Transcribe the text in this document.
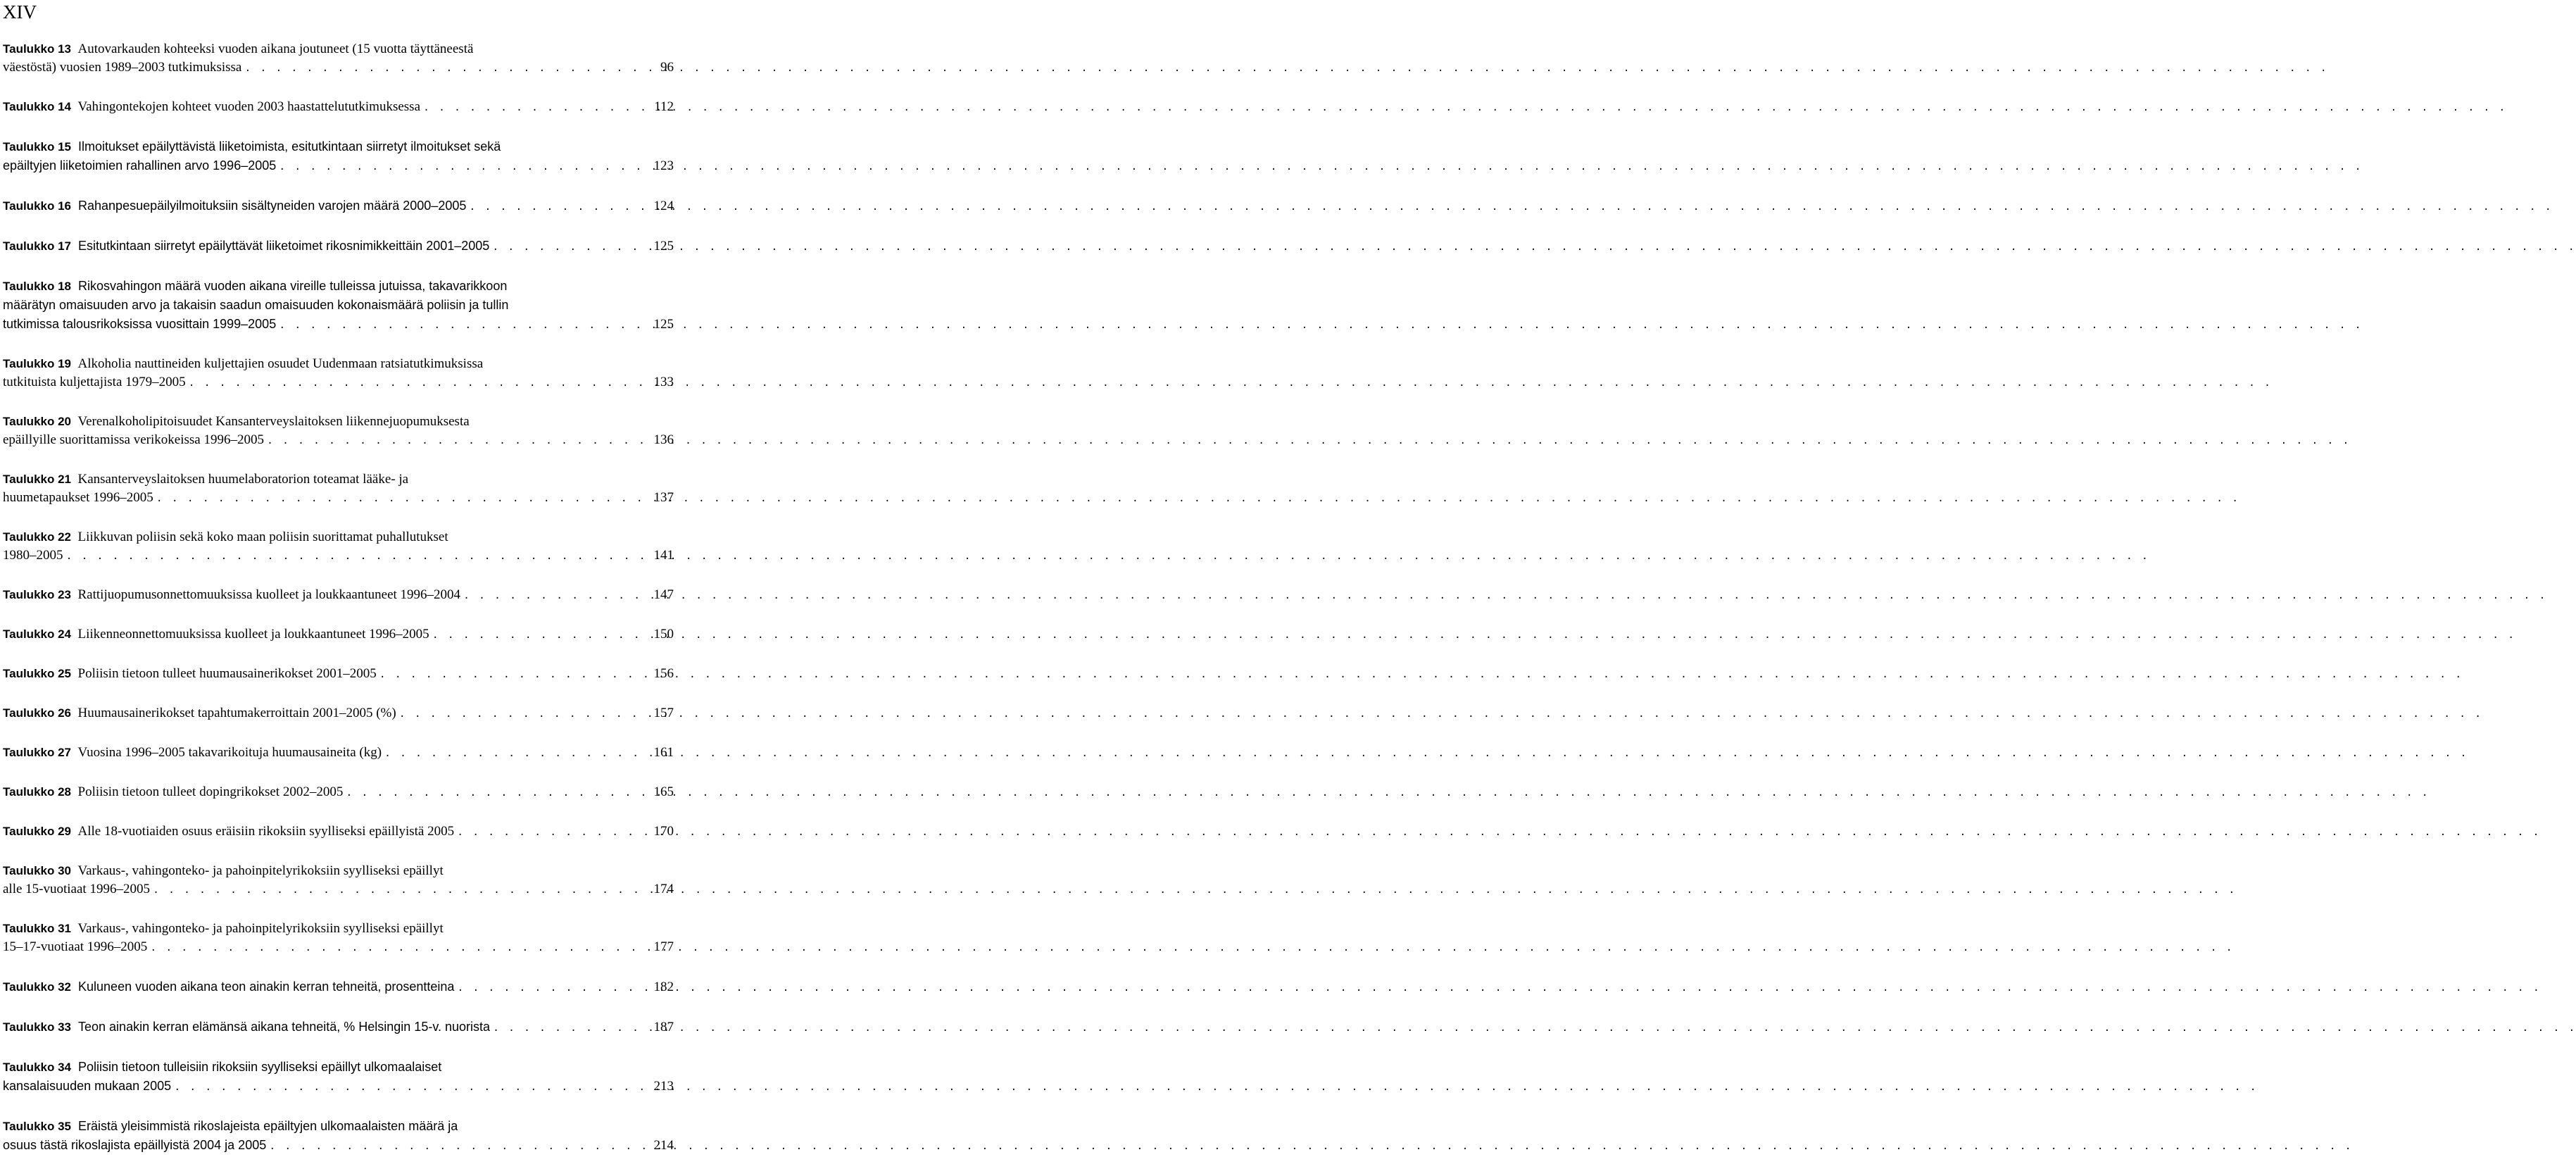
XIV
Taulukko 13 Autovarkauden kohteeksi vuoden aikana joutuneet (15 vuotta täyttäneestä
väestöstä) vuosien 1989–2003 tutkimuksissa . . .	96
Taulukko 14 Vahingontekojen kohteet vuoden 2003 haastattelututkimuksessa . . .	112
Taulukko 15 Ilmoitukset epäilyttävistä liiketoimista, esitutkintaan siirretyt ilmoitukset sekä
epäiltyjen liiketoimien rahallinen arvo 1996–2005 . . .	123
Taulukko 16 Rahanpesuepäilyilmoituksiin sisältyneiden varojen määrä 2000–2005 . . .	124
Taulukko 17 Esitutkintaan siirretyt epäilyttävät liiketoimet rikosnimikkeittäin 2001–2005 . . .	125
Taulukko 18 Rikosvahingon määrä vuoden aikana vireille tulleissa jutuissa, takavarikkoon
määrätyn omaisuuden arvo ja takaisin saadun omaisuuden kokonaismäärä poliisin ja tullin
tutkimissa talousrikoksissa vuosittain 1999–2005 . . .	125
Taulukko 19 Alkoholia nauttineiden kuljettajien osuudet Uudenmaan ratsiatutkimuksissa
tutkituista kuljettajista 1979–2005 . . .	133
Taulukko 20 Verenalkoholipitoisuudet Kansanterveyslaitoksen liikennejuopumuksesta
epäillyille suorittamissa verikokeissa 1996–2005 . . .	136
Taulukko 21 Kansanterveyslaitoksen huumelaboratorion toteamat lääke- ja
huumetapaukset 1996–2005 . . .	137
Taulukko 22 Liikkuvan poliisin sekä koko maan poliisin suorittamat puhallutukset
1980–2005 . . .	141
Taulukko 23 Rattijuopumusonnettomuuksissa kuolleet ja loukkaantuneet 1996–2004 . . .	147
Taulukko 24 Liikenneonnettomuuksissa kuolleet ja loukkaantuneet 1996–2005 . . .	150
Taulukko 25 Poliisin tietoon tulleet huumausainerikokset 2001–2005 . . .	156
Taulukko 26 Huumausainerikokset tapahtumakerroittain 2001–2005 (%) . . .	157
Taulukko 27 Vuosina 1996–2005 takavarikoituja huumausaineita (kg) . . .	161
Taulukko 28 Poliisin tietoon tulleet dopingrikokset 2002–2005 . . .	165
Taulukko 29 Alle 18-vuotiaiden osuus eräisiin rikoksiin syylliseksi epäillyistä 2005 . . .	170
Taulukko 30 Varkaus-, vahingonteko- ja pahoinpitelyrikoksiin syylliseksi epäillyt
alle 15-vuotiaat 1996–2005 . . .	174
Taulukko 31 Varkaus-, vahingonteko- ja pahoinpitelyrikoksiin syylliseksi epäillyt
15–17-vuotiaat 1996–2005 . . .	177
Taulukko 32 Kuluneen vuoden aikana teon ainakin kerran tehneitä, prosentteina . . .	182
Taulukko 33 Teon ainakin kerran elämänsä aikana tehneitä, % Helsingin 15-v. nuorista . . .	187
Taulukko 34 Poliisin tietoon tulleisiin rikoksiin syylliseksi epäillyt ulkomaalaiset
kansalaisuuden mukaan 2005 . . .	213
Taulukko 35 Eräistä yleisimmistä rikoslajeista epäiltyjen ulkomaalaisten määrä ja
osuus tästä rikoslajista epäillyistä 2004 ja 2005 . . .	214
